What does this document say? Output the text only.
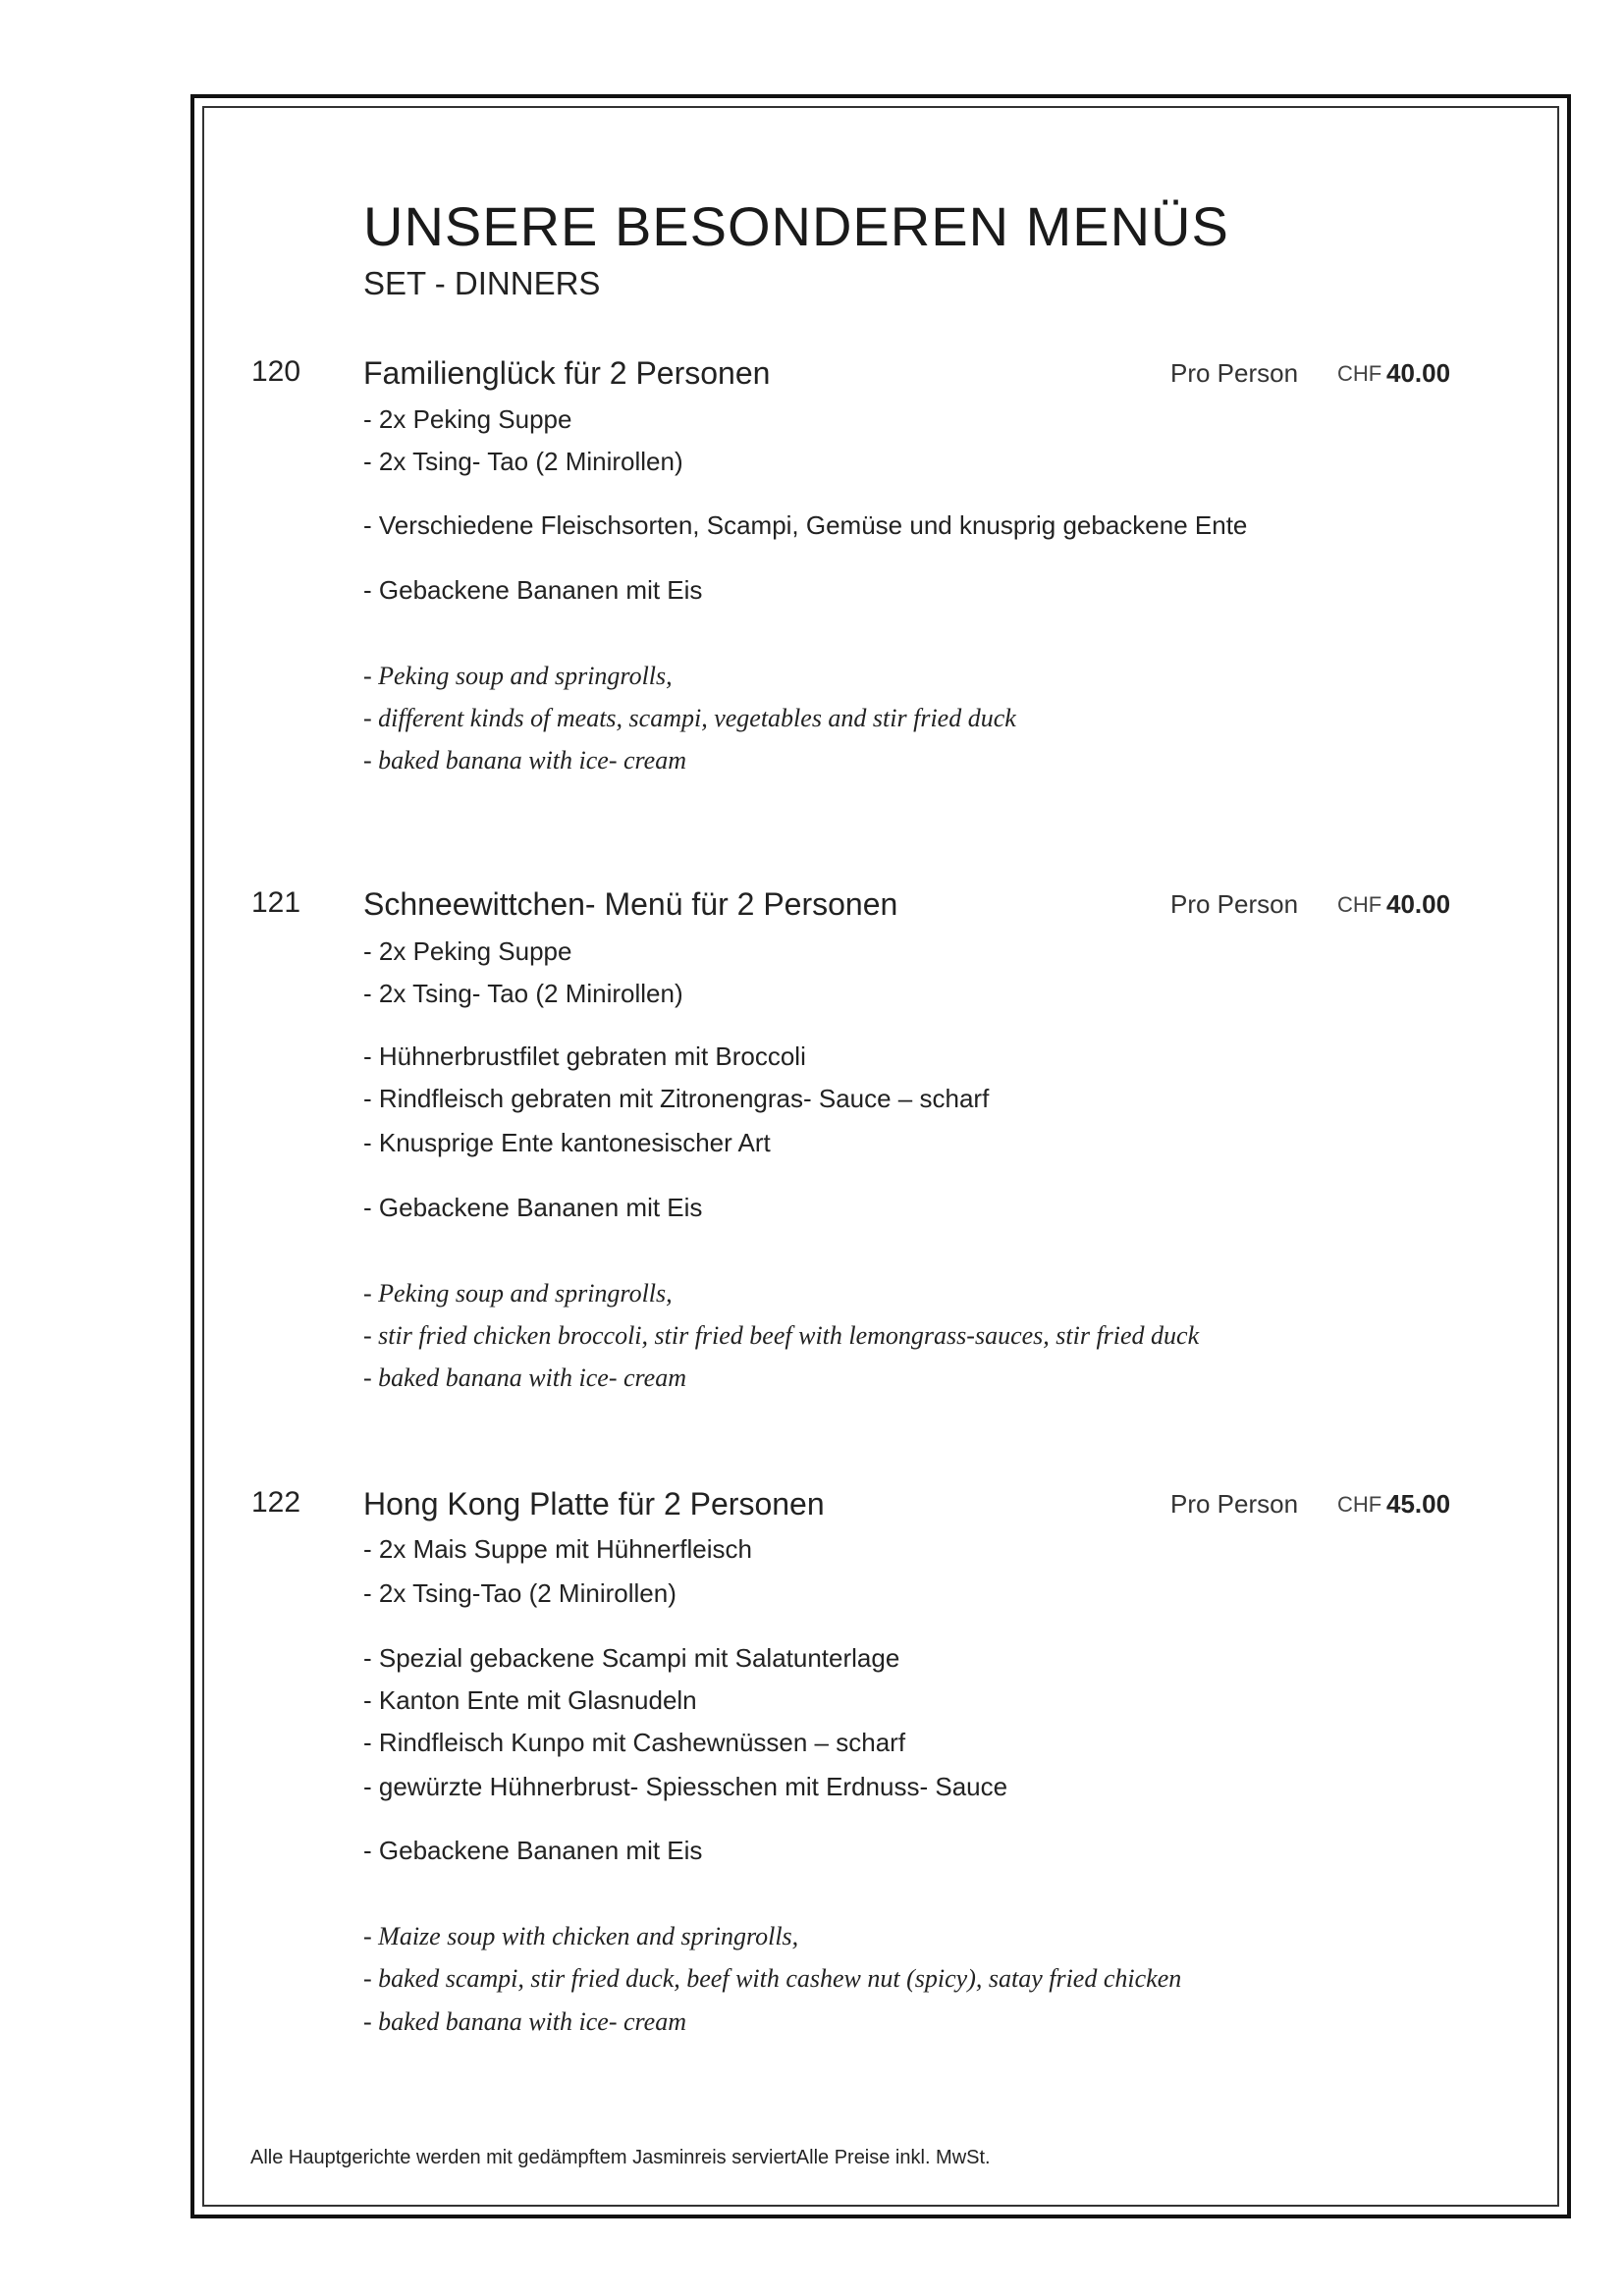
UNSERE BESONDEREN MENÜS
SET - DINNERS
120 Familienglück für 2 Personen	Pro Person CHF 40.00
- 2x Peking Suppe
- 2x Tsing- Tao (2 Minirollen)
- Verschiedene Fleischsorten, Scampi, Gemüse und knusprig gebackene Ente
- Gebackene Bananen mit Eis
- Peking soup and springrolls,
- different kinds of meats, scampi, vegetables and stir fried duck
- baked banana with ice- cream
121 Schneewittchen- Menü für 2 Personen	Pro Person CHF 40.00
- 2x Peking Suppe
- 2x Tsing- Tao (2 Minirollen)
- Hühnerbrustfilet gebraten mit Broccoli
- Rindfleisch gebraten mit Zitronengras- Sauce – scharf
- Knusprige Ente kantonesischer Art
- Gebackene Bananen mit Eis
- Peking soup and springrolls,
- stir fried chicken broccoli, stir fried beef with lemongrass-sauces, stir fried duck
- baked banana with ice- cream
122 Hong Kong Platte für 2 Personen	Pro Person CHF 45.00
- 2x Mais Suppe mit Hühnerfleisch
- 2x Tsing-Tao (2 Minirollen)
- Spezial gebackene Scampi mit Salatunterlage
- Kanton Ente mit Glasnudeln
- Rindfleisch Kunpo mit Cashewnüssen – scharf
- gewürzte Hühnerbrust- Spiesschen mit Erdnuss- Sauce
- Gebackene Bananen mit Eis
- Maize soup with chicken and springrolls,
- baked scampi, stir fried duck, beef with cashew nut (spicy), satay fried chicken
- baked banana with ice- cream
Alle Hauptgerichte werden mit gedämpftem Jasminreis serviertAlle Preise inkl. MwSt.
